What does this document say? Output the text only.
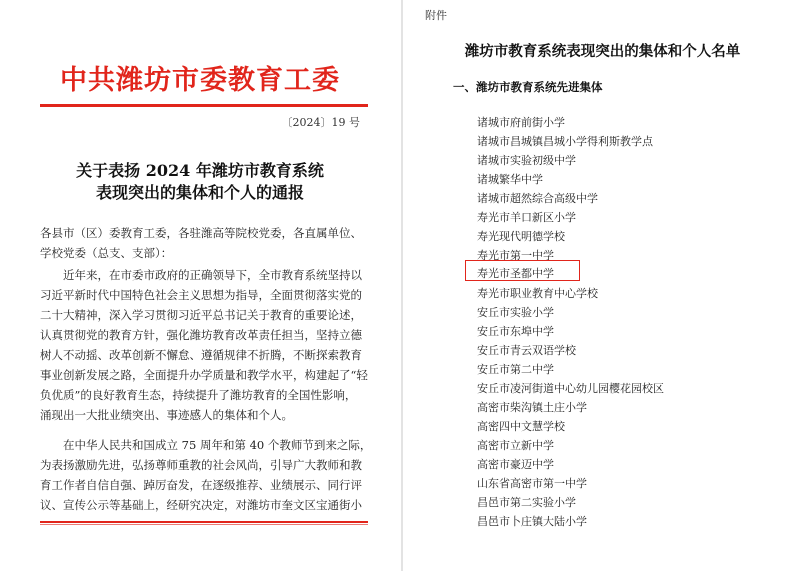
中共潍坊市委教育工委
〔2024〕19 号
关于表扬 2024 年潍坊市教育系统
表现突出的集体和个人的通报
各县市（区）委教育工委，各驻潍高等院校党委，各直属单位、
学校党委（总支、支部）：
近年来，在市委市政府的正确领导下，全市教育系统坚持以
习近平新时代中国特色社会主义思想为指导，全面贯彻落实党的
二十大精神，深入学习贯彻习近平总书记关于教育的重要论述，
认真贯彻党的教育方针，强化潍坊教育改革责任担当，坚持立德
树人不动摇、改革创新不懈怠、遵循规律不折腾，不断探索教育
事业创新发展之路，全面提升办学质量和教学水平，构建起了“轻
负优质”的良好教育生态，持续提升了潍坊教育的全国性影响，
涌现出一大批业绩突出、事迹感人的集体和个人。
在中华人民共和国成立 75 周年和第 40 个教师节到来之际，
为表扬激励先进，弘扬尊师重教的社会风尚，引导广大教师和教
育工作者自信自强、踔厉奋发，在逐级推荐、业绩展示、同行评
议、宣传公示等基础上，经研究决定，对潍坊市奎文区宝通街小
附件
潍坊市教育系统表现突出的集体和个人名单
一、潍坊市教育系统先进集体
诸城市府前街小学
诸城市昌城镇昌城小学得利斯教学点
诸城市实验初级中学
诸城繁华中学
诸城市超然综合高级中学
寿光市羊口新区小学
寿光现代明德学校
寿光市第一中学
寿光市圣都中学
寿光市职业教育中心学校
安丘市实验小学
安丘市东埠中学
安丘市青云双语学校
安丘市第二中学
安丘市凌河街道中心幼儿园樱花园校区
高密市柴沟镇土庄小学
高密四中文慧学校
高密市立新中学
高密市豪迈中学
山东省高密市第一中学
昌邑市第二实验小学
昌邑市卜庄镇大陆小学
